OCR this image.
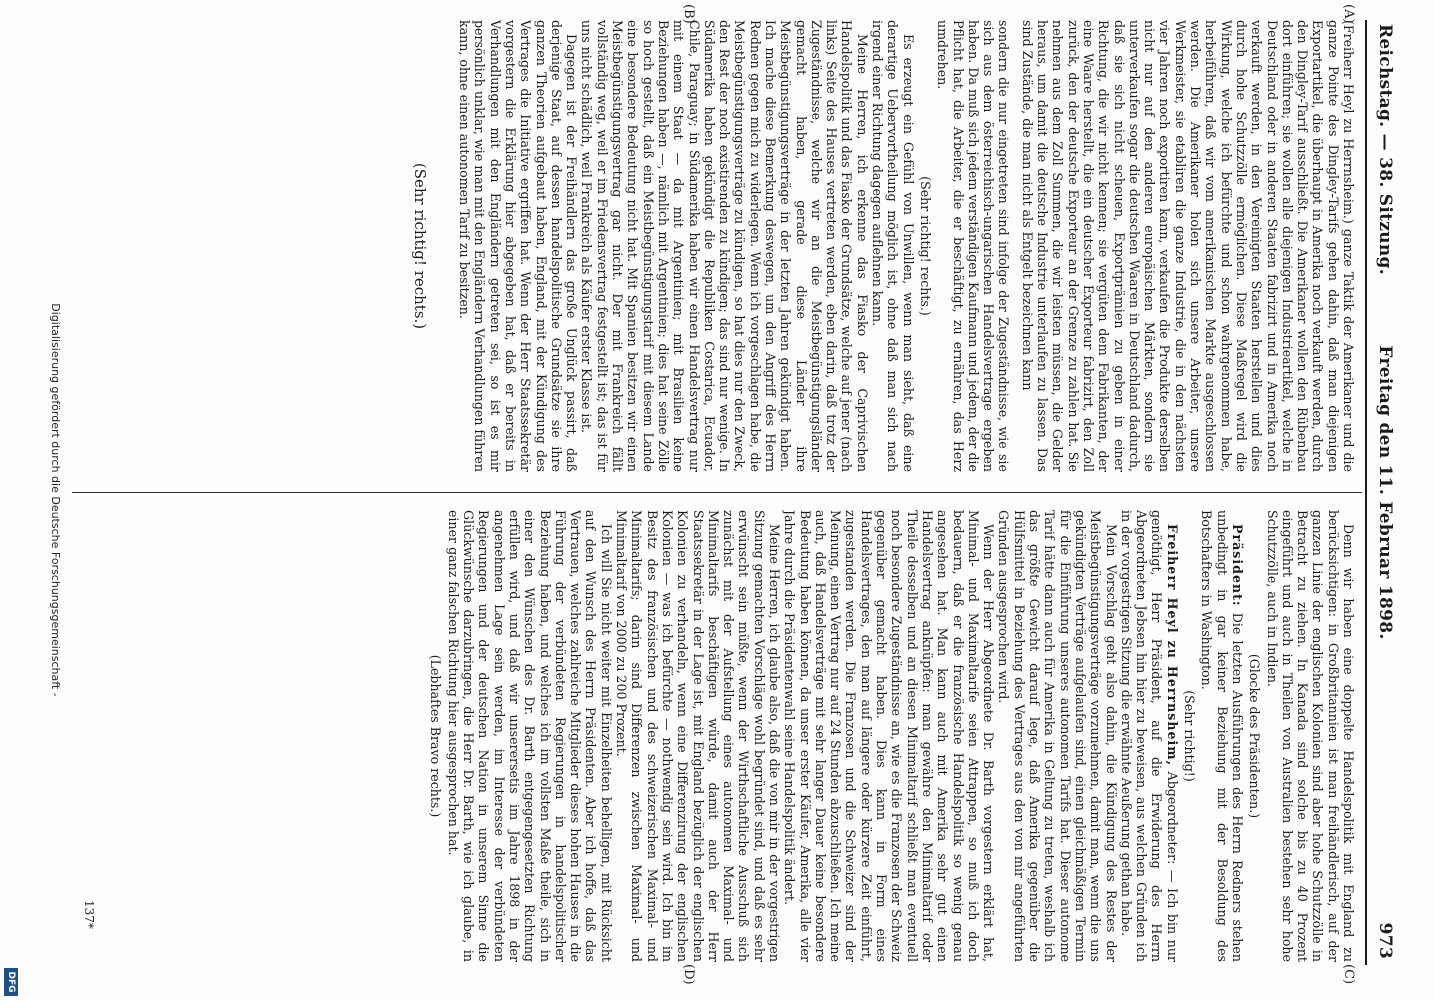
Reichstag. — 38. Sitzung.
Freitag den 11. Februar 1898.
973

(Freiherr Heyl zu Herrnsheim.) ganze Taktik der Amerikaner und die ganze Pointe des Dingley-Tarifs gehen dahin, daß man diejenigen Exportartikel, die überhaupt in Amerika noch verkauft werden, durch den Dingley-Tarif ausschließt. Die Amerikaner wollen den Rübenbau dort einführen; sie wollen alle diejenigen Industrieartikel, welche in Deutschland oder in anderen Staaten fabrizirt und in Amerika noch verkauft werden, in den Vereinigten Staaten herstellen und dies durch hohe Schutzzölle ermöglichen. Diese Maßregel wird die Wirkung, welche ich befürchte und schon wahrgenommen habe, herbeiführen, daß wir vom amerikanischen Markte ausgeschlossen werden. Die Amerikaner holen sich unsere Arbeiter, unsere Werkmeister, sie etabliren die ganze Industrie, die in den nächsten vier Jahren noch exportiren kann, verkaufen die Produkte derselben nicht nur auf den anderen europäischen Märkten, sondern sie unterverkaufen sogar die deutschen Waaren in Deutschland dadurch, daß sie sich nicht scheuen, Exportprämien zu geben in einer Richtung, die wir nicht kennen; sie vergüten dem Fabrikanten, der eine Waare herstellt, die ein deutscher Exporteur fabrizirt, den Zoll zurück, den der deutsche Exporteur an der Grenze zu zahlen hat. Sie nehmen aus dem Zoll Summen, die wir leisten müssen, die Gelder heraus, um damit die deutsche Industrie unterlaufen zu lassen. Das sind Zustände, die man nicht als Entgelt bezeichnen kann

sondern die nur eingetreten sind infolge der Zugeständnisse, wie sie sich aus dem österreichisch-ungarischen Handelsvertrage ergeben haben. Da muß sich jedem verständigen Kaufmann und jedem, der die Pflicht hat, die Arbeiter, die er beschäftigt, zu ernähren, das Herz umdrehen.

(Sehr richtig! rechts.)

Es erzeugt ein Gefühl von Unwillen, wenn man sieht, daß eine derartige Uebervortheilung möglich ist, ohne daß man sich nach irgend einer Richtung dagegen auflehnen kann.

Meine Herren, ich erkenne das Fiasko der Caprivischen Handelspolitik und das Fiasko der Grundsätze, welche auf jener (nach links) Seite des Hauses vertreten werden, eben darin, daß trotz der Zugeständnisse, welche wir an die Meistbegünstigungsländer gemacht haben, gerade diese Länder ihre Meistbegünstigungsverträge in der letzten Jahren gekündigt haben. Ich mache diese Bemerkung deswegen, um den Angriff des Herrn Rednen gegen mich zu widerlegen. Wenn ich vorgeschlagen habe, die Meistbegünstigungsverträge zu kündigen, so hat dies nur den Zweck, den Rest der noch existirenden zu kündigen; das sind nur wenige. In Südamerika haben gekündigt die Republiken Costarica, Ecuador, Chile, Paraguay; in Südamerika haben wir einen Handelsvertrag nur mit einem Staat — da mit Argentinien; mit Brasilien keine Beziehungen haben —, nämlich mit Argentinien; dies hat seine Zölle so hoch gestellt, daß ein Meistbegünstigungstarif mit diesem Lande eine besondere Bedeutung nicht hat. Mit Spanien besitzen wir einen Meistbegünstigungsvertrag gar nicht. Der mit Frankreich fällt vollständig weg, weil er im Friedensvertrag festgestellt ist; das ist für uns nicht schädlich, weil Frankreich als Käufer erster Klasse ist.

Dagegen ist der Freihändlern das große Unglück passirt, daß derjenige Staat, auf dessen handelspolitische Grundsätze sie ihre ganzen Theorien aufgebaut haben, England, mit der Kündigung des Vertrages die Initiative ergriffen hat. Wenn der Herr Staatssekretär vorgestern die Erklärung hier abgegeben hat, daß er bereits in Verhandlungen mit den Engländern getreten sei, so ist es mir persönlich unklar, wie man mit den Engländern Verhandlungen führen kann, ohne einen autonomen Tarif zu besitzen.

(Sehr richtig! rechts.)

Denn wir haben eine doppelte Handelspolitik mit England zu berücksichtigen: in Großbritannien ist man freihändlerisch, auf der ganzen Linie der englischen Kolonien sind aber hohe Schutzzölle in Betracht zu ziehen. In Kanada sind solche bis zu 40 Prozent eingeführt und auch in Theilen von Australien bestehen sehr hohe Schutzzölle, auch in Indien.

(Glocke des Präsidenten.)

Präsident: Die letzten Ausführungen des Herrn Redners stehen unbedingt in gar keiner Beziehung mit der Besoldung des Botschafters in Washington.

(Sehr richtig!)

Freiherr Heyl zu Herrnsheim, Abgeordneter: — Ich bin nur genöthigt, Herr Präsident, auf die Erwiderung des Herrn Abgeordneten Jebsen hin hier zu beweisen, aus welchen Gründen ich in der vorgestrigen Sitzung die erwähnte Aeußerung gethan habe.

Mein Vorschlag geht also dahin, die Kündigung des Restes der Meistbegünstigungsverträge vorzunehmen, damit man, wenn die uns gekündigten Verträge aufgelaufen sind, einen gleichmäßigen Termin für die Einführung unseres autonomen Tarifs hat. Dieser autonome Tarif hätte dann auch für Amerika in Geltung zu treten, weshalb ich das größte Gewicht darauf lege, daß Amerika gegenüber die Hülfsmittel in Beziehung des Vertrages aus den von mir angeführten Gründen ausgesprochen wird.

Wenn der Herr Abgeordnete Dr. Barth vorgestern erklärt hat, Minimal- und Maximaltarife seien Attrappen, so muß ich doch bedauern, daß er die französische Handelspolitik so wenig genau angesehen hat. Man kann auch mit Amerika sehr gut einen Handelsvertrag anknüpfen: man gewähre den Minimaltarif oder Theile desselben und an diesen Minimaltarif schließt man eventuell noch besondere Zugeständnisse an, wie es die Franzosen der Schweiz gegenüber gemacht haben. Dies kann in Form eines Handelsvertrages, den man auf längere oder kürzere Zeit einführt, zugestanden werden. Die Franzosen und die Schweizer sind der Meinung, einen Vertrag nur auf 24 Stunden abzuschließen. Ich meine auch, daß Handelsverträge mit sehr langer Dauer keine besondere Bedeutung haben können, da unser erster Käufer, Amerika, alle vier Jahre durch die Präsidentenwahl seine Handelspolitik ändert.

Meine Herren, ich glaube also, daß die von mir in der vorgestrigen Sitzung gemachten Vorschläge wohl begründet sind, und daß es sehr erwünscht sein müßte, wenn der Wirthschaftliche Ausschuß sich zunächst mit der Aufstellung eines autonomen Maximal- und Minimaltarifs beschäftigen würde, damit auch der Herr Staatssekretär in der Lage ist, mit England bezüglich der englischen Kolonien zu verhandeln, wenn eine Differenzirung der englischen Kolonien — was ich befürchte — nothwendig sein wird. Ich bin im Besitz des französischen und des schweizerischen Maximal- und Minimaltarifs; darin sind Differenzen zwischen Maximal- und Minimaltarif von 2000 zu 200 Prozent.

Ich will Sie nicht weiter mit Einzelheiten behelligen, mit Rücksicht auf den Wunsch des Herrn Präsidenten. Aber ich hoffe, daß das Vertrauen, welches zahlreiche Mitglieder dieses hohen Hauses in die Führung der verbündeten Regierungen in handelspolitischer Beziehung haben, und welches ich im vollsten Maße theile, sich in einer den Wünschen des Dr. Barth entgegengesetzten Richtung erfüllen wird, und daß wir unserersetis im Jahre 1898 in der angenehmen Lage sein werden, im Interesse der verbündeten Regierungen und der deutschen Nation in unserem Sinne die Glückwünsche darzubringen, die Herr Dr. Barth, wie ich glaube, in einer ganz falschen Richtung hier ausgesprochen hat.

(Lebhaftes Bravo rechts.)

(A)
(B)
(C)
(D)
137*
Digitalisierung gefördert durch die Deutsche Forschungsgemeinschaft -
DFG
